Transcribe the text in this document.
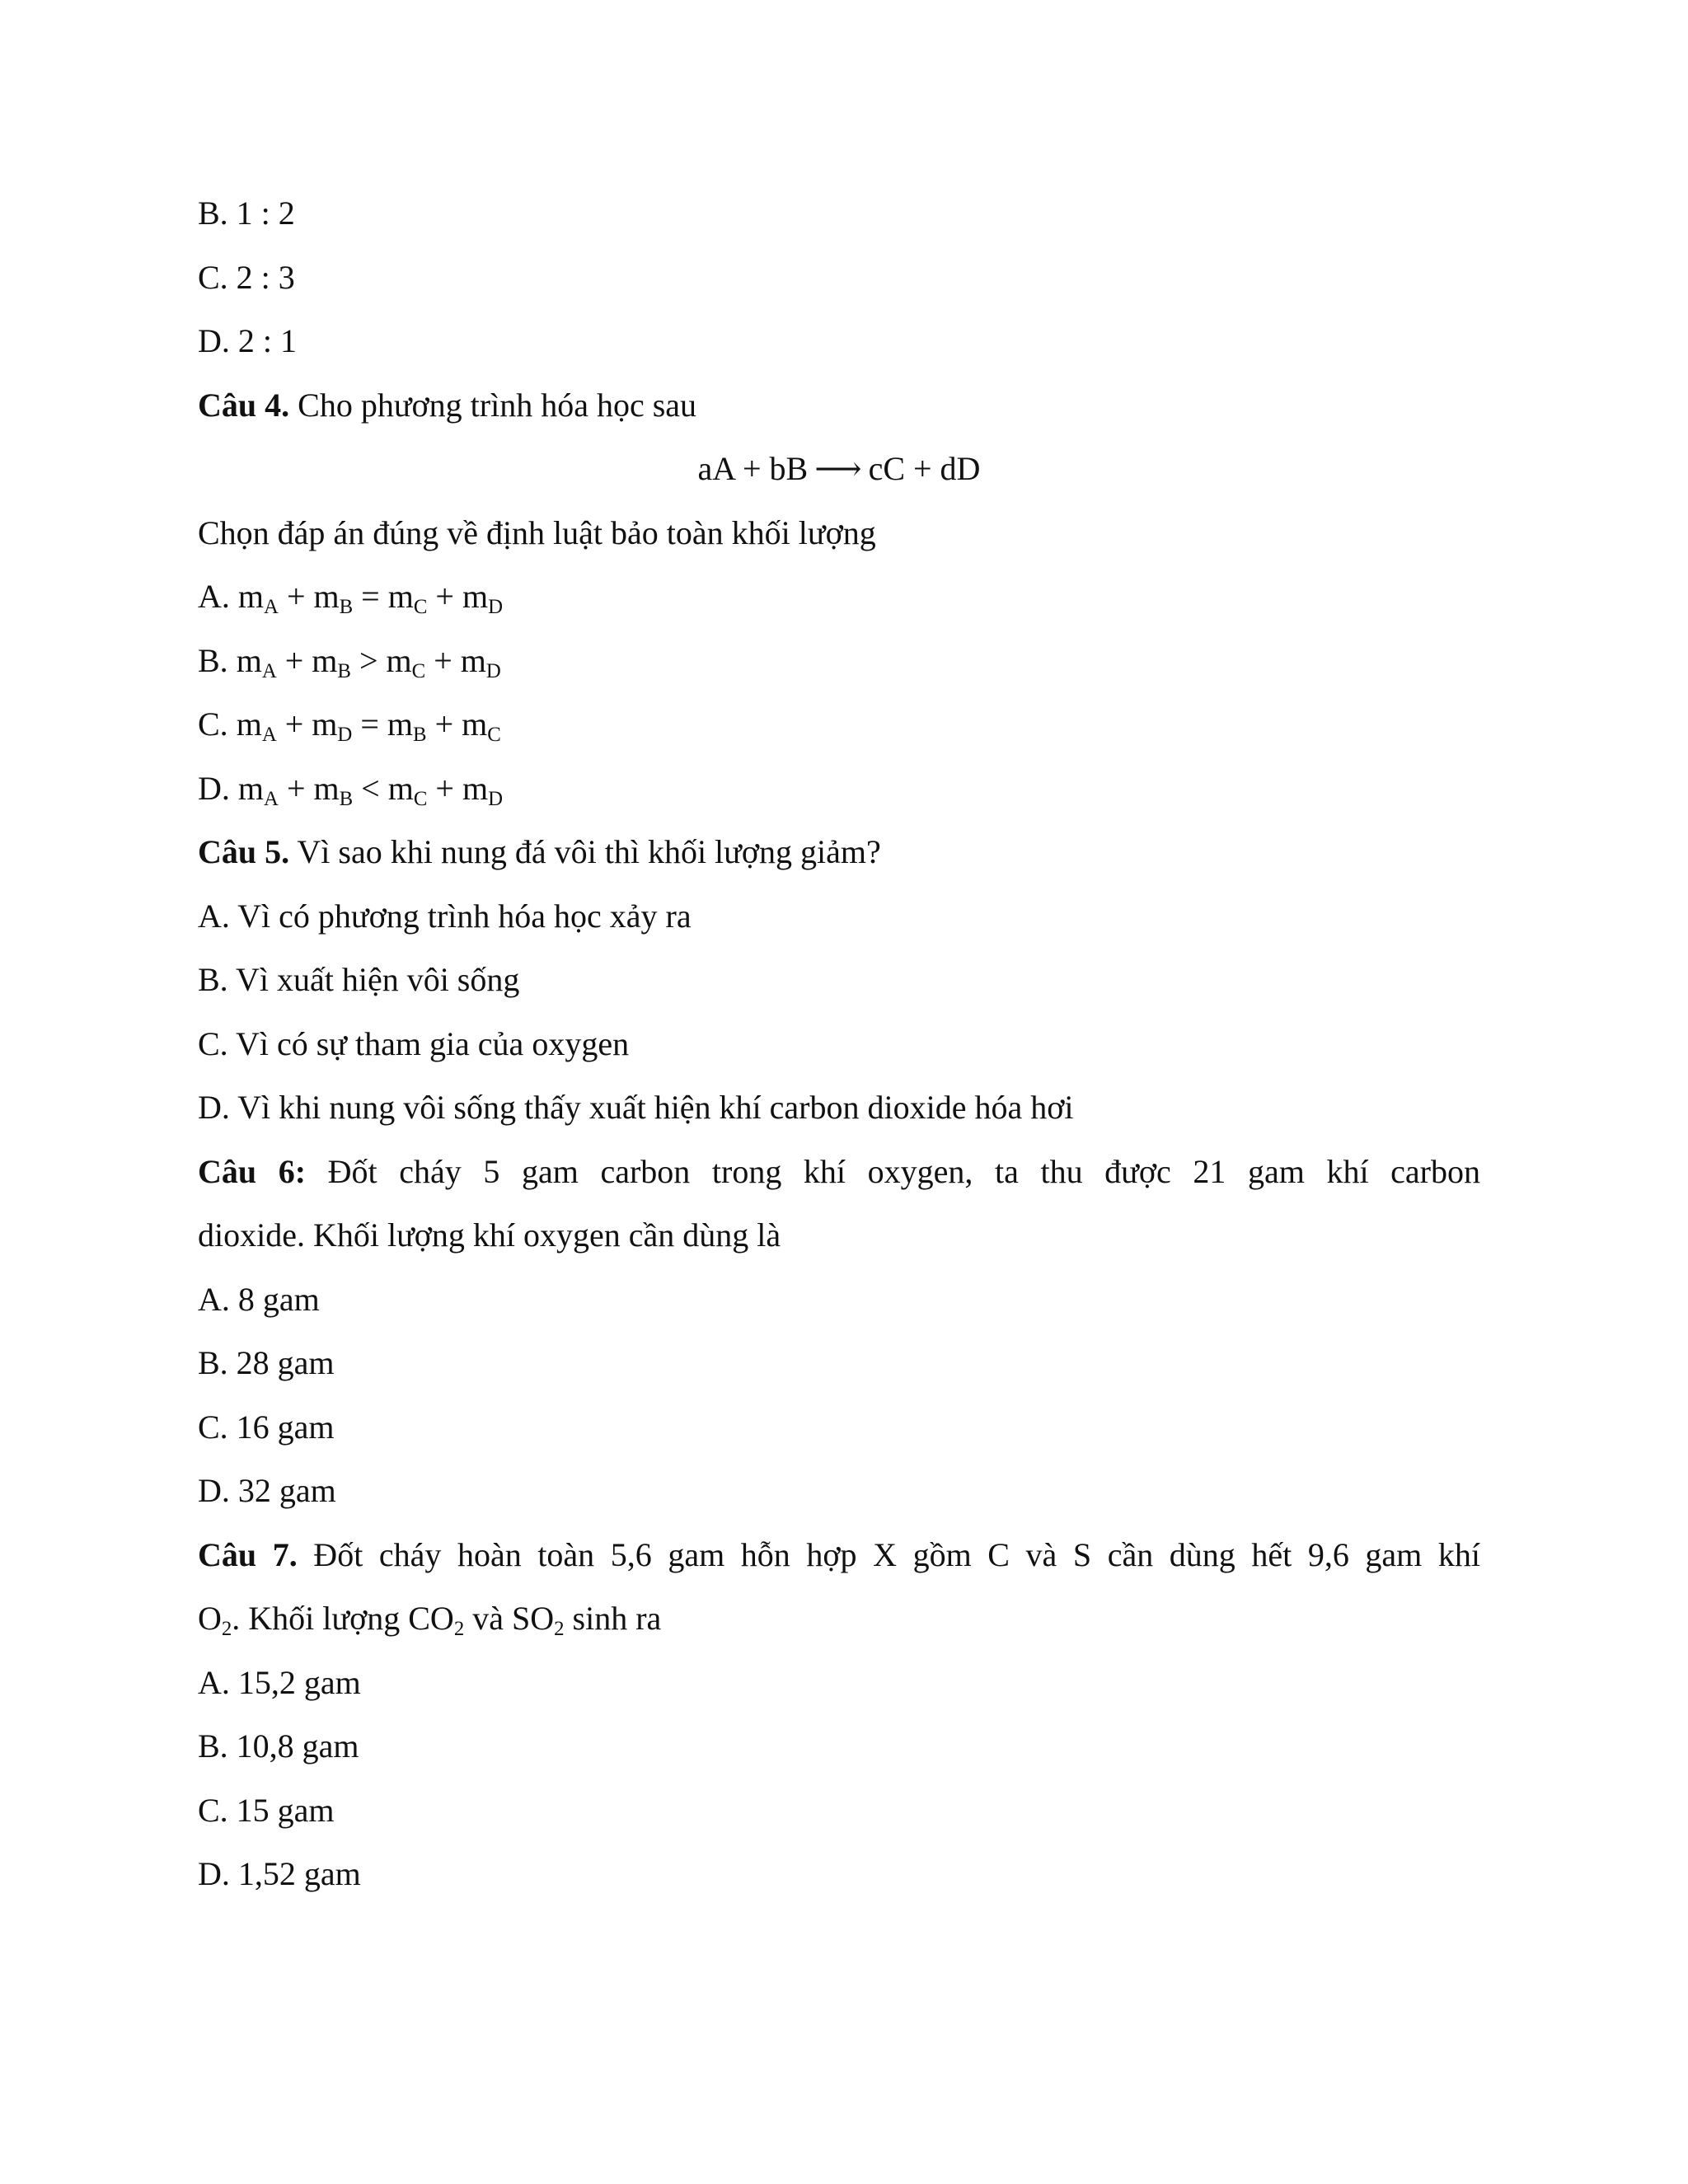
B. 1 : 2
C. 2 : 3
D. 2 : 1
Câu 4. Cho phương trình hóa học sau
aA + bB ⟶ cC + dD
Chọn đáp án đúng về định luật bảo toàn khối lượng
A. $m_A + m_B = m_C + m_D$
B. $m_A + m_B > m_C + m_D$
C. $m_A + m_D = m_B + m_C$
D. $m_A + m_B < m_C + m_D$
Câu 5. Vì sao khi nung đá vôi thì khối lượng giảm?
A. Vì có phương trình hóa học xảy ra
B. Vì xuất hiện vôi sống
C. Vì có sự tham gia của oxygen
D. Vì khi nung vôi sống thấy xuất hiện khí carbon dioxide hóa hơi
Câu 6: Đốt cháy 5 gam carbon trong khí oxygen, ta thu được 21 gam khí carbon
dioxide. Khối lượng khí oxygen cần dùng là
A. 8 gam
B. 28 gam
C. 16 gam
D. 32 gam
Câu 7. Đốt cháy hoàn toàn 5,6 gam hỗn hợp X gồm C và S cần dùng hết 9,6 gam khí
$O_2$. Khối lượng $CO_2$ và $SO_2$ sinh ra
A. 15,2 gam
B. 10,8 gam
C. 15 gam
D. 1,52 gam
